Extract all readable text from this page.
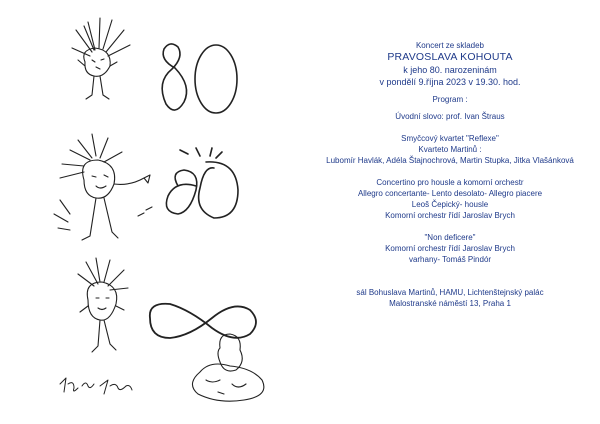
Koncert ze skladeb
PRAVOSLAVA KOHOUTA
k jeho 80. narozeninám
v pondělí 9.října 2023 v 19.30. hod.
Program :
Úvodní slovo: prof. Ivan Štraus
Smyčcový kvartet "Reflexe"
Kvarteto Martinů :
Lubomír Havlák, Adéla Štajnochrová, Martin Stupka, Jitka Vlašánková
Concertino pro housle a komorní orchestr
Allegro concertante- Lento desolato- Allegro piacere
Leoš Čepický- housle
Komorní orchestr řídí Jaroslav Brych
"Non deficere"
Komorní orchestr řídí Jaroslav Brych
varhany- Tomáš Pindór
sál Bohuslava Martinů, HAMU, Lichtenštejnský palác
Malostranské náměstí 13, Praha 1
